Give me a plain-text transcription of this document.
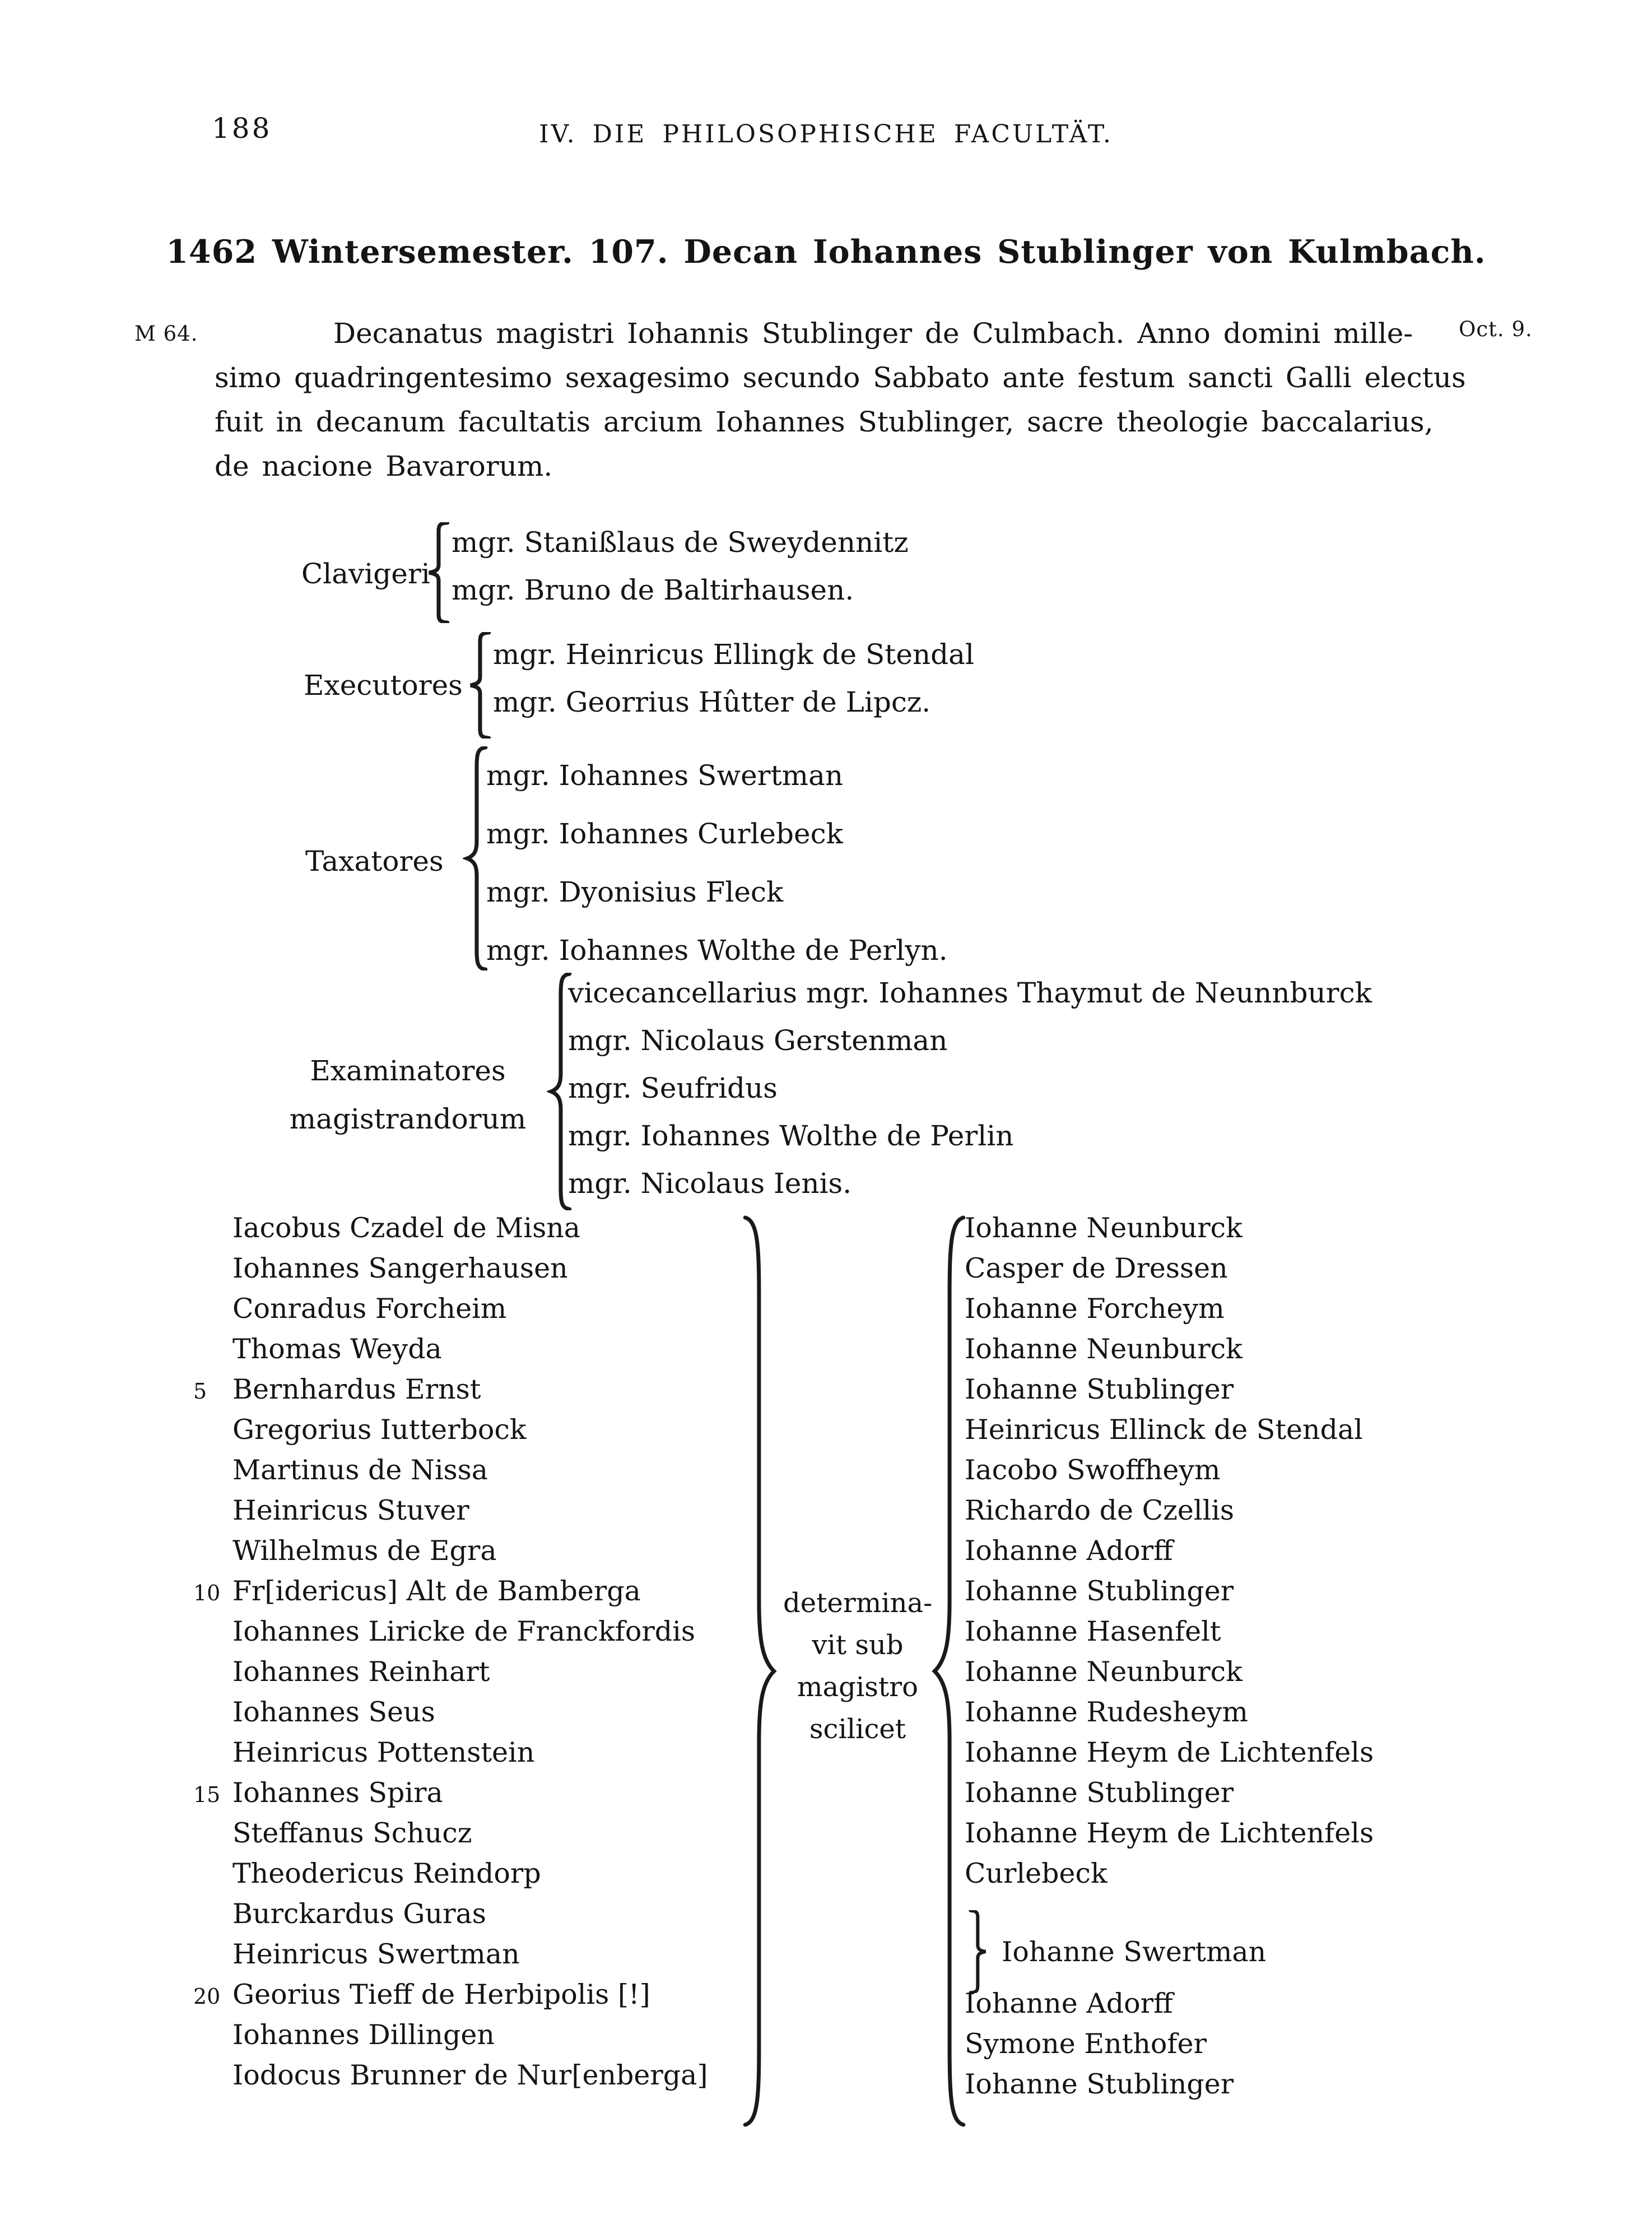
188	IV. DIE PHILOSOPHISCHE FACULTÄT.
1462 Wintersemester. 107. Decan Iohannes Stublinger von Kulmbach.
M 64.	Oct. 9.
Decanatus magistri Iohannis Stublinger de Culmbach. Anno domini mille-
simo quadringentesimo sexagesimo secundo Sabbato ante festum sancti Galli electus
fuit in decanum facultatis arcium Iohannes Stublinger, sacre theologie baccalarius,
de nacione Bavarorum.
Clavigeri
mgr. Stanißlaus de Sweydennitz
mgr. Bruno de Baltirhausen.
Executores
mgr. Heinricus Ellingk de Stendal
mgr. Georrius Hûtter de Lipcz.
Taxatores
mgr. Iohannes Swertman
mgr. Iohannes Curlebeck
mgr. Dyonisius Fleck
mgr. Iohannes Wolthe de Perlyn.
Examinatores
magistrandorum
vicecancellarius mgr. Iohannes Thaymut de Neunnburck
mgr. Nicolaus Gerstenman
mgr. Seufridus
mgr. Iohannes Wolthe de Perlin
mgr. Nicolaus Ienis.
Iacobus Czadel de Misna
Iohannes Sangerhausen
Conradus Forcheim
Thomas Weyda
5 Bernhardus Ernst
Gregorius Iutterbock
Martinus de Nissa
Heinricus Stuver
Wilhelmus de Egra
10 Fr[idericus] Alt de Bamberga
Iohannes Liricke de Franckfordis
Iohannes Reinhart
Iohannes Seus
Heinricus Pottenstein
15 Iohannes Spira
Steffanus Schucz
Theodericus Reindorp
Burckardus Guras
Heinricus Swertman
20 Georius Tieff de Herbipolis [!]
Iohannes Dillingen
Iodocus Brunner de Nur[enberga]
determina-
vit sub
magistro
scilicet
Iohanne Neunburck
Casper de Dressen
Iohanne Forcheym
Iohanne Neunburck
Iohanne Stublinger
Heinricus Ellinck de Stendal
Iacobo Swoffheym
Richardo de Czellis
Iohanne Adorff
Iohanne Stublinger
Iohanne Hasenfelt
Iohanne Neunburck
Iohanne Rudesheym
Iohanne Heym de Lichtenfels
Iohanne Stublinger
Iohanne Heym de Lichtenfels
Curlebeck
Iohanne Swertman
Iohanne Adorff
Symone Enthofer
Iohanne Stublinger
